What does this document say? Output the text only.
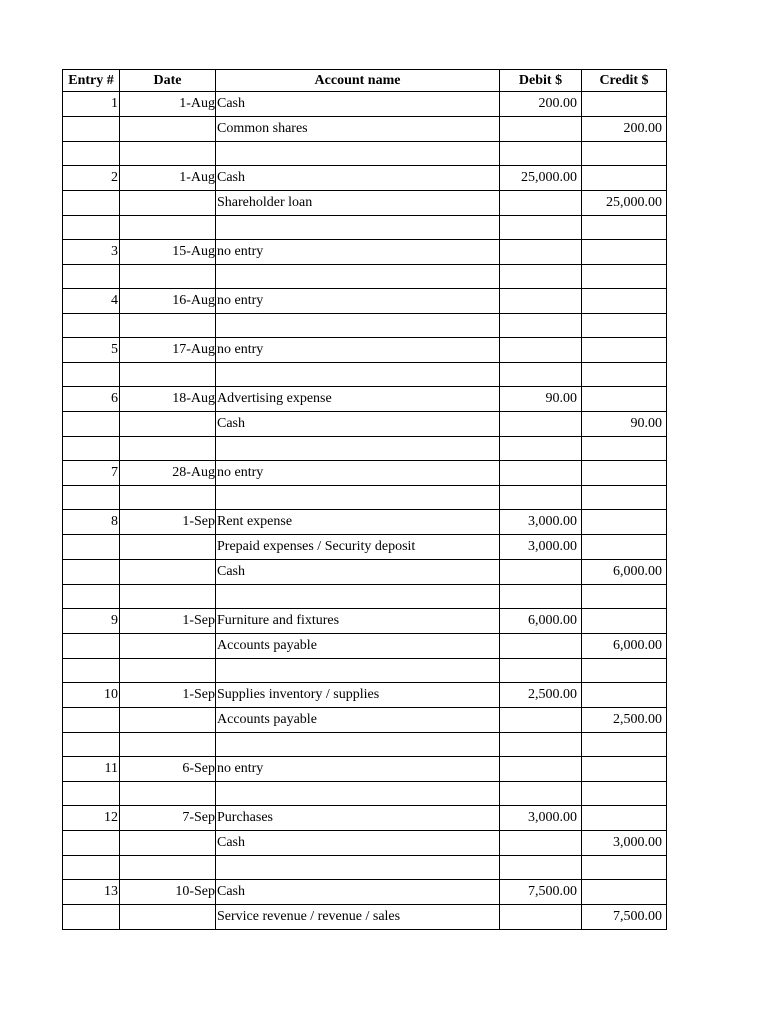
Entry #	Date	Account name	Debit $	Credit $
1	1-Aug	Cash	200.00	
		Common shares		200.00

2	1-Aug	Cash	25,000.00	
		Shareholder loan		25,000.00

3	15-Aug	no entry		

4	16-Aug	no entry		

5	17-Aug	no entry		

6	18-Aug	Advertising expense	90.00	
		Cash		90.00

7	28-Aug	no entry		

8	1-Sep	Rent expense	3,000.00	
		Prepaid expenses / Security deposit	3,000.00	
		Cash		6,000.00

9	1-Sep	Furniture and fixtures	6,000.00	
		Accounts payable		6,000.00

10	1-Sep	Supplies inventory / supplies	2,500.00	
		Accounts payable		2,500.00

11	6-Sep	no entry		

12	7-Sep	Purchases	3,000.00	
		Cash		3,000.00

13	10-Sep	Cash	7,500.00	
		Service revenue / revenue / sales		7,500.00
